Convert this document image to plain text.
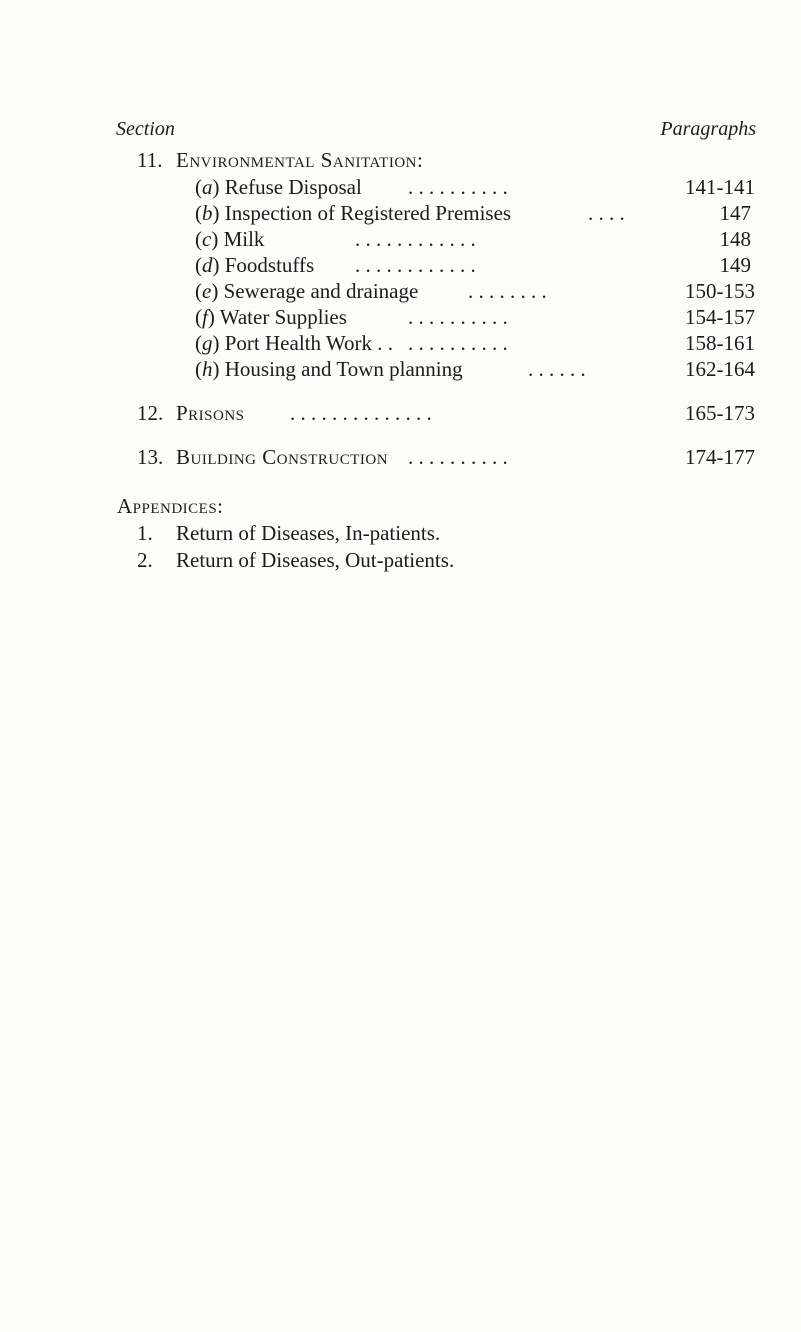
Section	Paragraphs
11. Environmental Sanitation:
(a) Refuse Disposal . . . . . . . . . .	141-141
(b) Inspection of Registered Premises	. . . .	147
(c) Milk	. . . . . . . . . . . .	148
(d) Foodstuffs . . . . . . . . . . . .	149
(e) Sewerage and drainage . . . . . . . .	150-153
(f) Water Supplies	. . . . . . . . . .	154-157
(g) Port Health Work . . . . . . . . . . . .	158-161
(h) Housing and Town planning	. . . . . .	162-164
12. Prisons . . . . . . . . . . . . . .	165-173
13. Building Construction . . . . . . . . . .	174-177
Appendices:
1. Return of Diseases, In-patients.
2. Return of Diseases, Out-patients.
